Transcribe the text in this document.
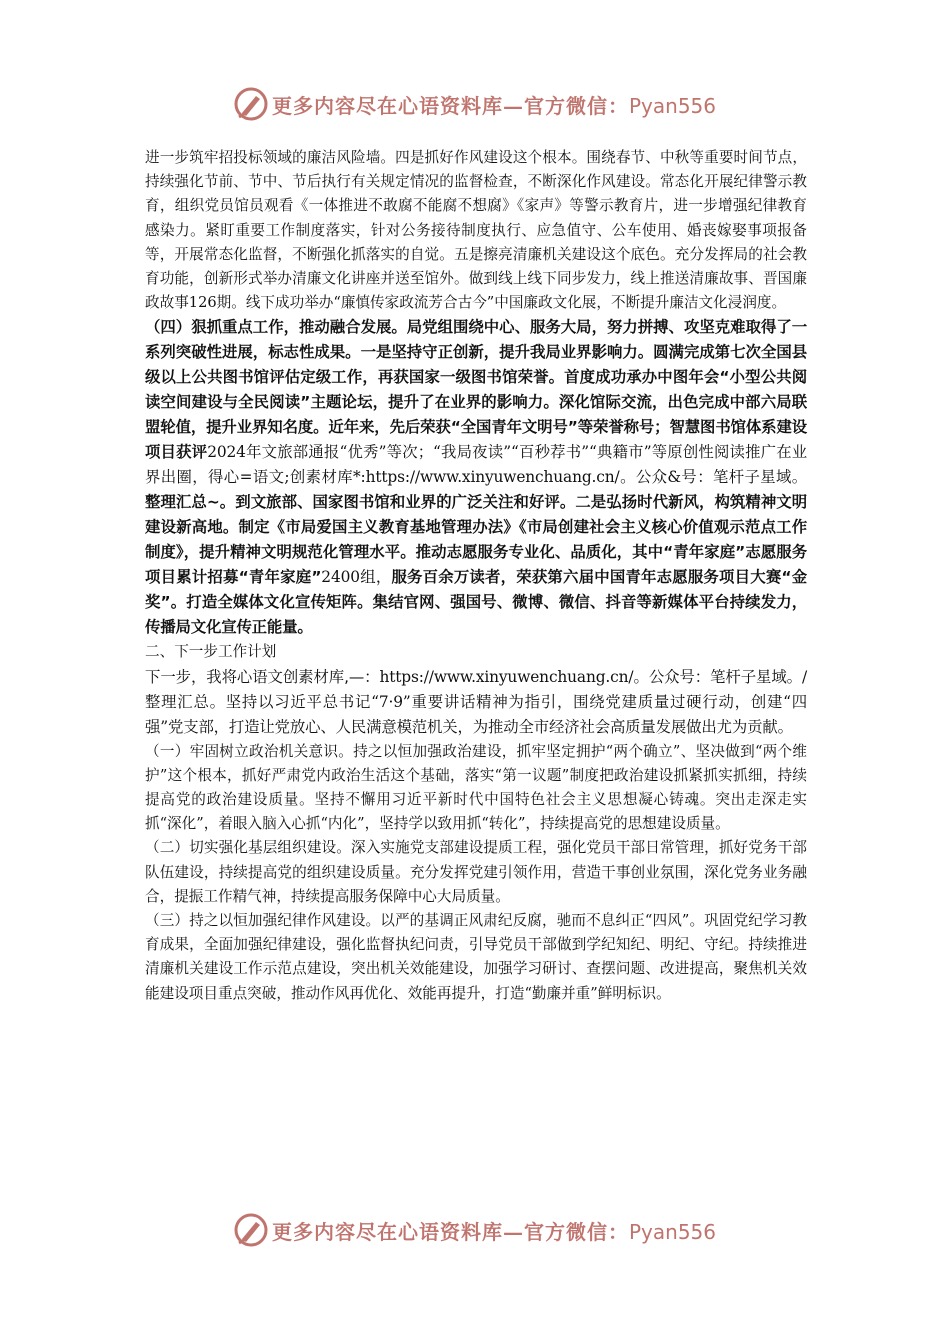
更多内容尽在心语资料库—官方微信：Pyan556

进一步筑牢招投标领域的廉洁风险墙。四是抓好作风建设这个根本。围绕春节、中秋等重要时间节点，持续强化节前、节中、节后执行有关规定情况的监督检查，不断深化作风建设。常态化开展纪律警示教育，组织党员馆员观看《一体推进不敢腐不能腐不想腐》《家声》等警示教育片，进一步增强纪律教育感染力。紧盯重要工作制度落实，针对公务接待制度执行、应急值守、公车使用、婚丧嫁娶事项报备等，开展常态化监督，不断强化抓落实的自觉。五是擦亮清廉机关建设这个底色。充分发挥局的社会教育功能，创新形式举办清廉文化讲座并送至馆外。做到线上线下同步发力，线上推送清廉故事、晋国廉政故事126期。线下成功举办“廉慎传家政流芳合古今”中国廉政文化展，不断提升廉洁文化浸润度。

（四）狠抓重点工作，推动融合发展。局党组围绕中心、服务大局，努力拼搏、攻坚克难取得了一系列突破性进展，标志性成果。一是坚持守正创新，提升我局业界影响力。圆满完成第七次全国县级以上公共图书馆评估定级工作，再获国家一级图书馆荣誉。首度成功承办中图年会“小型公共阅读空间建设与全民阅读”主题论坛，提升了在业界的影响力。深化馆际交流，出色完成中部六局联盟轮值，提升业界知名度。近年来，先后荣获“全国青年文明号”等荣誉称号；智慧图书馆体系建设项目获评2024年文旅部通报“优秀”等次；“我局夜读”“百秒荐书”“典籍市”等原创性阅读推广在业界出圈，得心=语文;创素材库*:https://www.xinyuwenchuang.cn/。公众&号：笔杆子星域。整理汇总~。到文旅部、国家图书馆和业界的广泛关注和好评。二是弘扬时代新风，构筑精神文明建设新高地。制定《市局爱国主义教育基地管理办法》《市局创建社会主义核心价值观示范点工作制度》，提升精神文明规范化管理水平。推动志愿服务专业化、品质化，其中“青年家庭”志愿服务项目累计招募“青年家庭”2400组，服务百余万读者，荣获第六届中国青年志愿服务项目大赛“金奖”。打造全媒体文化宣传矩阵。集结官网、强国号、微博、微信、抖音等新媒体平台持续发力，传播局文化宣传正能量。

二、下一步工作计划

下一步，我将心语文创素材库,—：https://www.xinyuwenchuang.cn/。公众号：笔杆子星域。/整理汇总。坚持以习近平总书记“7·9”重要讲话精神为指引，围绕党建质量过硬行动，创建“四强”党支部，打造让党放心、人民满意模范机关，为推动全市经济社会高质量发展做出尤为贡献。

（一）牢固树立政治机关意识。持之以恒加强政治建设，抓牢坚定拥护“两个确立”、坚决做到“两个维护”这个根本，抓好严肃党内政治生活这个基础，落实“第一议题”制度把政治建设抓紧抓实抓细，持续提高党的政治建设质量。坚持不懈用习近平新时代中国特色社会主义思想凝心铸魂。突出走深走实抓“深化”，着眼入脑入心抓“内化”，坚持学以致用抓“转化”，持续提高党的思想建设质量。

（二）切实强化基层组织建设。深入实施党支部建设提质工程，强化党员干部日常管理，抓好党务干部队伍建设，持续提高党的组织建设质量。充分发挥党建引领作用，营造干事创业氛围，深化党务业务融合，提振工作精气神，持续提高服务保障中心大局质量。

（三）持之以恒加强纪律作风建设。以严的基调正风肃纪反腐，驰而不息纠正“四风”。巩固党纪学习教育成果，全面加强纪律建设，强化监督执纪问责，引导党员干部做到学纪知纪、明纪、守纪。持续推进清廉机关建设工作示范点建设，突出机关效能建设，加强学习研讨、查摆问题、改进提高，聚焦机关效能建设项目重点突破，推动作风再优化、效能再提升，打造“勤廉并重”鲜明标识。

更多内容尽在心语资料库—官方微信：Pyan556
